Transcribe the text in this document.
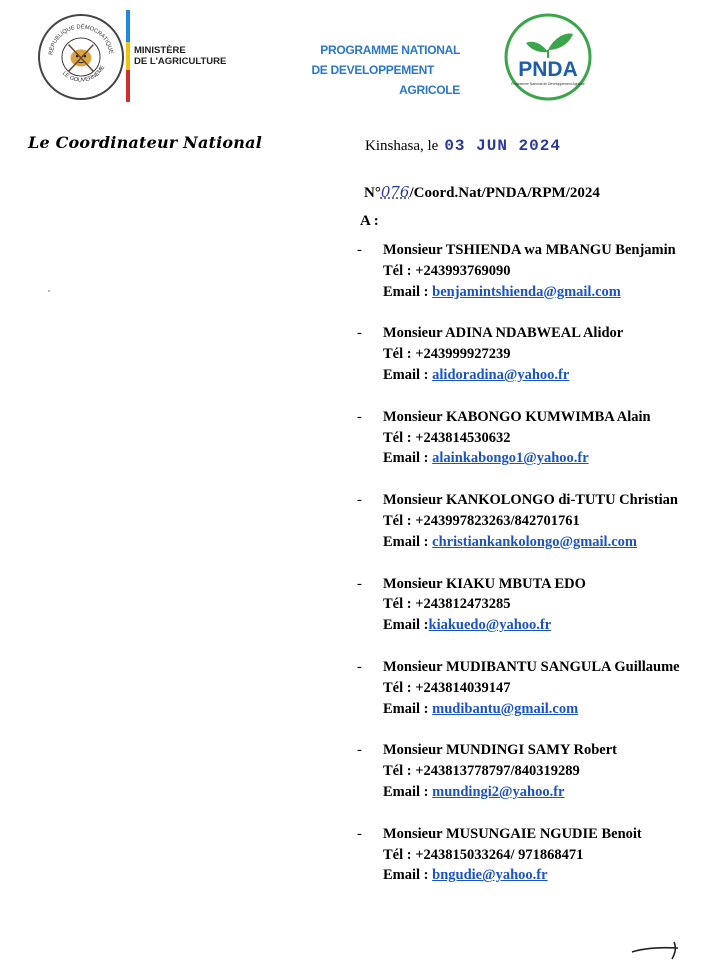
RÉPUBLIQUE DÉMOCRATIQUE
LE GOUVERNEME
MINISTÈRE
DE L'AGRICULTURE
PROGRAMME NATIONAL
DE DEVELOPPEMENT
AGRICOLE
PNDA
Programme National de Développement Agricole
Le Coordinateur National	Kinshasa, le 03 JUN 2024
N°076/Coord.Nat/PNDA/RPM/2024
A :
- Monsieur TSHIENDA wa MBANGU Benjamin
Tél : +243993769090
Email : benjamintshienda@gmail.com
- Monsieur ADINA NDABWEAL Alidor
Tél : +243999927239
Email : alidoradina@yahoo.fr
- Monsieur KABONGO KUMWIMBA Alain
Tél : +243814530632
Email : alainkabongo1@yahoo.fr
- Monsieur KANKOLONGO di-TUTU Christian
Tél : +243997823263/842701761
Email : christiankankolongo@gmail.com
- Monsieur KIAKU MBUTA EDO
Tél : +243812473285
Email :kiakuedo@yahoo.fr
- Monsieur MUDIBANTU SANGULA Guillaume
Tél : +243814039147
Email : mudibantu@gmail.com
- Monsieur MUNDINGI SAMY Robert
Tél : +243813778797/840319289
Email : mundingi2@yahoo.fr
- Monsieur MUSUNGAIE NGUDIE Benoit
Tél : +243815033264/ 971868471
Email : bngudie@yahoo.fr
